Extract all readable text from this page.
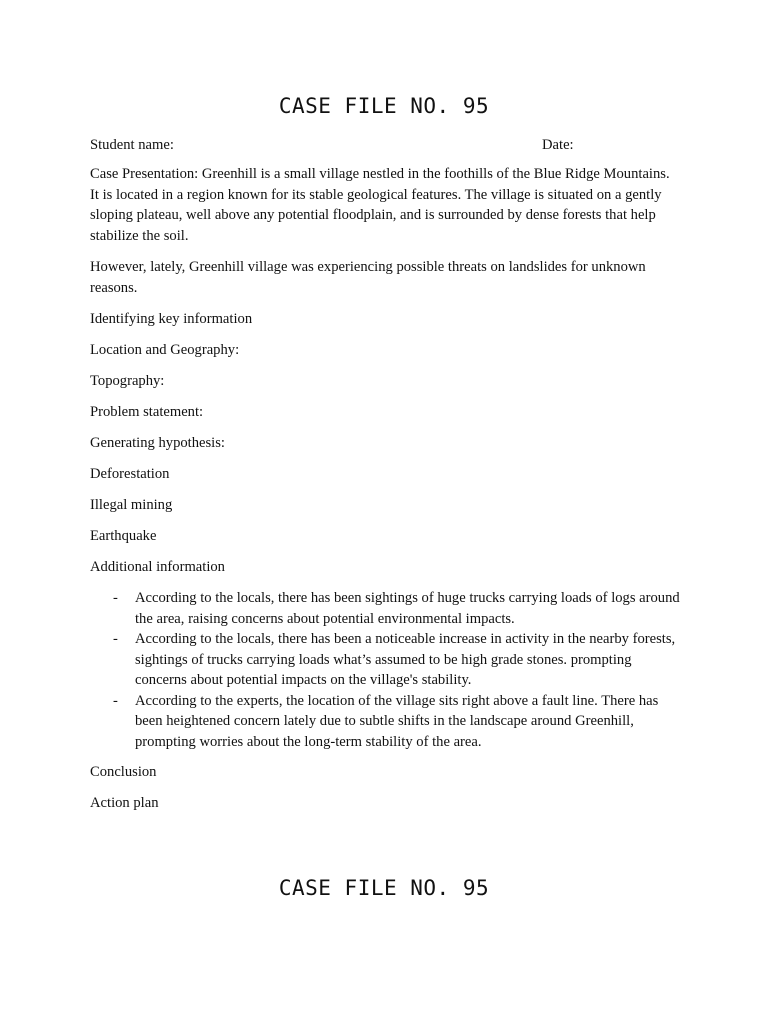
CASE FILE NO. 95
Student name:	Date:

Case Presentation: Greenhill is a small village nestled in the foothills of the Blue Ridge Mountains. It is located in a region known for its stable geological features. The village is situated on a gently sloping plateau, well above any potential floodplain, and is surrounded by dense forests that help stabilize the soil.

However, lately, Greenhill village was experiencing possible threats on landslides for unknown reasons.

Identifying key information
Location and Geography:
Topography:
Problem statement:
Generating hypothesis:
Deforestation
Illegal mining
Earthquake
Additional information
- According to the locals, there has been sightings of huge trucks carrying loads of logs around the area, raising concerns about potential environmental impacts.
- According to the locals, there has been a noticeable increase in activity in the nearby forests, sightings of trucks carrying loads what’s assumed to be high grade stones. prompting concerns about potential impacts on the village's stability.
- According to the experts, the location of the village sits right above a fault line. There has been heightened concern lately due to subtle shifts in the landscape around Greenhill, prompting worries about the long-term stability of the area.
Conclusion
Action plan
CASE FILE NO. 95
